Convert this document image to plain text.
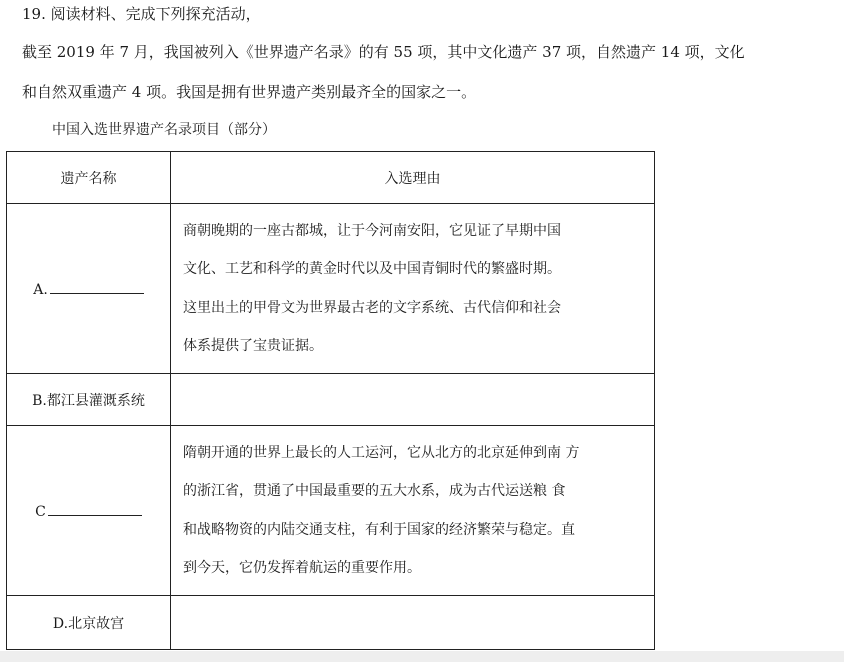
19. 阅读材料、完成下列探充活动，
截至 2019 年 7 月，我国被列入《世界遗产名录》的有 55 项，其中文化遗产 37 项，自然遗产 14 项，文化
和自然双重遗产 4 项。我国是拥有世界遗产类别最齐全的国家之一。
中国入选世界遗产名录项目（部分）
遗产名称	入选理由
A.	商朝晚期的一座古都城，让于今河南安阳，它见证了早期中国
文化、工艺和科学的黄金时代以及中国青铜时代的繁盛时期。
这里出土的甲骨文为世界最古老的文字系统、古代信仰和社会
体系提供了宝贵证据。

B.都江县灌溉系统	
C	隋朝开通的世界上最长的人工运河，它从北方的北京延伸到南 方
的浙江省，贯通了中国最重要的五大水系，成为古代运送粮 食
和战略物资的内陆交通支柱，有利于国家的经济繁荣与稳定。直
到今天，它仍发挥着航运的重要作用。

D.北京故宫	
